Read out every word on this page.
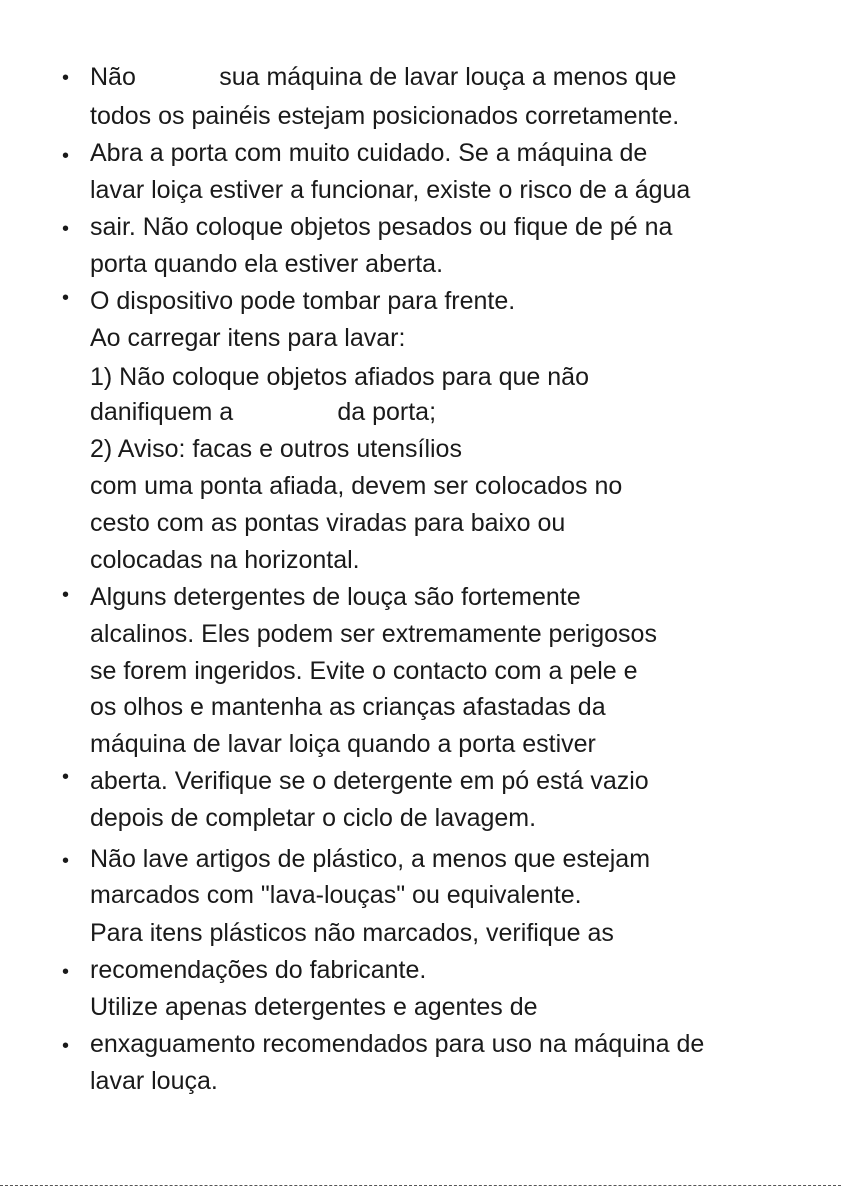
• Não            sua máquina de lavar louça a menos que

todos os painéis estejam posicionados corretamente.

• Abra a porta com muito cuidado. Se a máquina de

lavar loiça estiver a funcionar, existe o risco de a água

• sair. Não coloque objetos pesados ou fique de pé na

porta quando ela estiver aberta.

• O dispositivo pode tombar para frente.

Ao carregar itens para lavar:

1) Não coloque objetos afiados para que não

danifiquem a               da porta;

2) Aviso: facas e outros utensílios

com uma ponta afiada, devem ser colocados no

cesto com as pontas viradas para baixo ou

colocadas na horizontal.

• Alguns detergentes de louça são fortemente

alcalinos. Eles podem ser extremamente perigosos

se forem ingeridos. Evite o contacto com a pele e

os olhos e mantenha as crianças afastadas da

máquina de lavar loiça quando a porta estiver

• aberta. Verifique se o detergente em pó está vazio

depois de completar o ciclo de lavagem.

• Não lave artigos de plástico, a menos que estejam

marcados com "lava-louças" ou equivalente.

Para itens plásticos não marcados, verifique as

• recomendações do fabricante.

Utilize apenas detergentes e agentes de

• enxaguamento recomendados para uso na máquina de

lavar louça.
